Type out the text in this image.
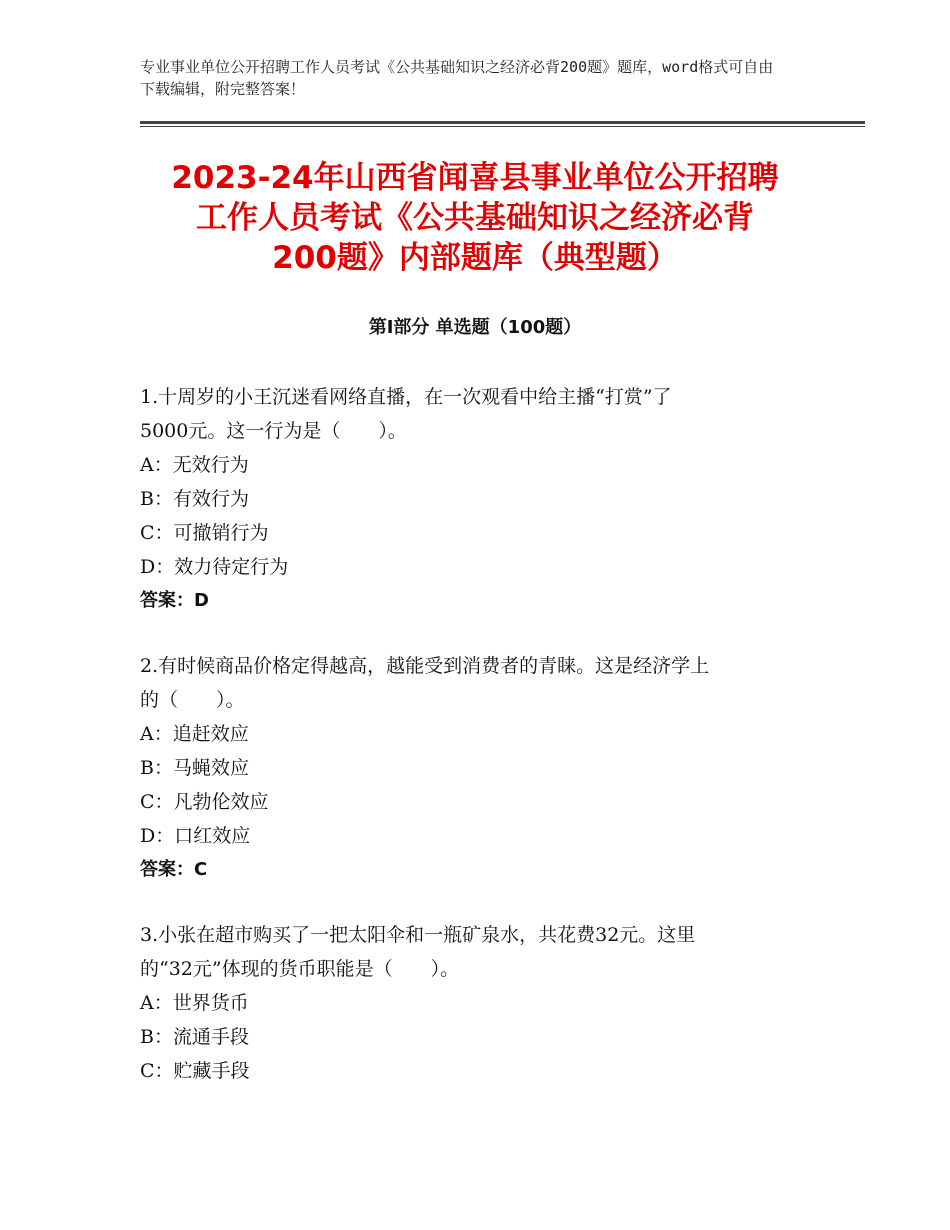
专业事业单位公开招聘工作人员考试《公共基础知识之经济必背200题》题库，word格式可自由下载编辑，附完整答案！
2023-24年山西省闻喜县事业单位公开招聘
工作人员考试《公共基础知识之经济必背
200题》内部题库（典型题）
第Ⅰ部分 单选题（100题）

1.十周岁的小王沉迷看网络直播，在一次观看中给主播“打赏”了

5000元。这一行为是（　　）。

A：无效行为

B：有效行为

C：可撤销行为

D：效力待定行为

答案：D

2.有时候商品价格定得越高，越能受到消费者的青睐。这是经济学上

的（　　）。

A：追赶效应

B：马蝇效应

C：凡勃伦效应

D：口红效应

答案：C

3.小张在超市购买了一把太阳伞和一瓶矿泉水，共花费32元。这里

的“32元”体现的货币职能是（　　）。

A：世界货币

B：流通手段

C：贮藏手段
